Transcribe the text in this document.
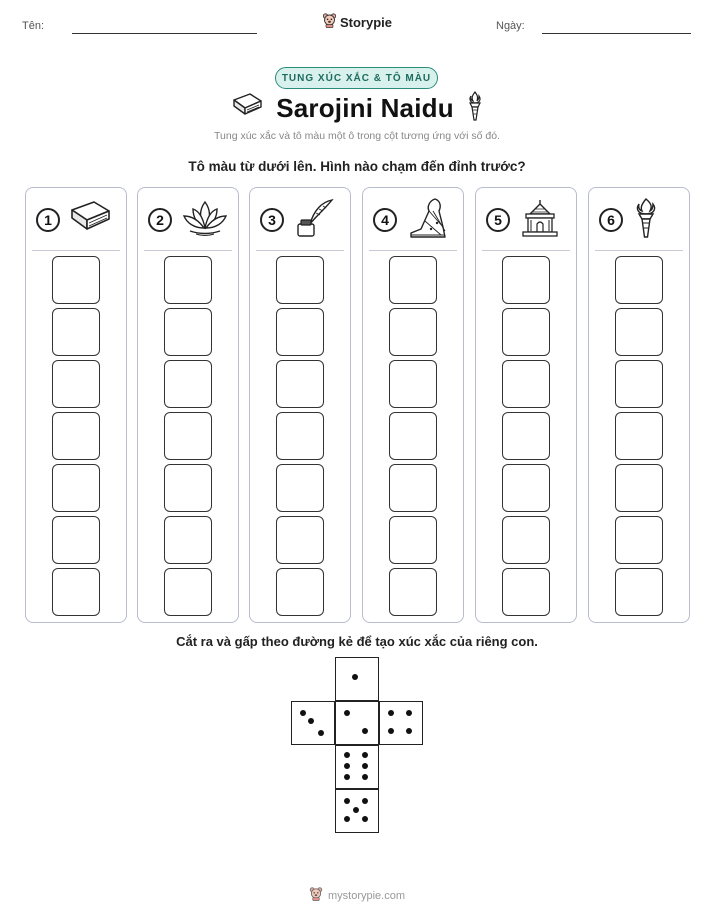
Tên:	Ngày:
Storypie
TUNG XÚC XẮC & TÔ MÀU
Sarojini Naidu
Tung xúc xắc và tô màu một ô trong cột tương ứng với số đó.
Tô màu từ dưới lên. Hình nào chạm đến đỉnh trước?
1	2	3	4	5	6
Cắt ra và gấp theo đường kẻ để tạo xúc xắc của riêng con.
mystorypie.com
